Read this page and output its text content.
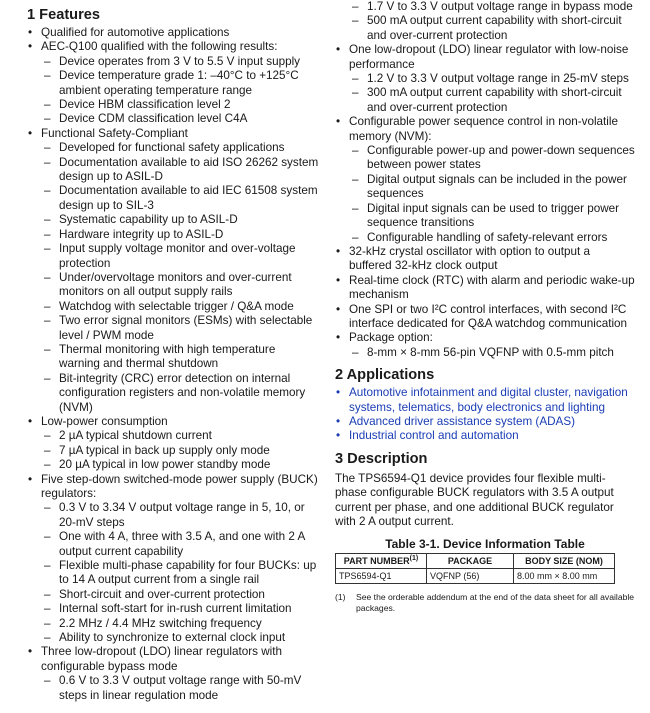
1 Features
• Qualified for automotive applications
• AEC-Q100 qualified with the following results:
– Device operates from 3 V to 5.5 V input supply
– Device temperature grade 1: –40°C to +125°C ambient operating temperature range
– Device HBM classification level 2
– Device CDM classification level C4A
• Functional Safety-Compliant
– Developed for functional safety applications
– Documentation available to aid ISO 26262 system design up to ASIL-D
– Documentation available to aid IEC 61508 system design up to SIL-3
– Systematic capability up to ASIL-D
– Hardware integrity up to ASIL-D
– Input supply voltage monitor and over-voltage protection
– Under/overvoltage monitors and over-current monitors on all output supply rails
– Watchdog with selectable trigger / Q&A mode
– Two error signal monitors (ESMs) with selectable level / PWM mode
– Thermal monitoring with high temperature warning and thermal shutdown
– Bit-integrity (CRC) error detection on internal configuration registers and non-volatile memory (NVM)
• Low-power consumption
– 2 µA typical shutdown current
– 7 µA typical in back up supply only mode
– 20 µA typical in low power standby mode
• Five step-down switched-mode power supply (BUCK) regulators:
– 0.3 V to 3.34 V output voltage range in 5, 10, or 20-mV steps
– One with 4 A, three with 3.5 A, and one with 2 A output current capability
– Flexible multi-phase capability for four BUCKs: up to 14 A output current from a single rail
– Short-circuit and over-current protection
– Internal soft-start for in-rush current limitation
– 2.2 MHz / 4.4 MHz switching frequency
– Ability to synchronize to external clock input
• Three low-dropout (LDO) linear regulators with configurable bypass mode
– 0.6 V to 3.3 V output voltage range with 50-mV steps in linear regulation mode
– 1.7 V to 3.3 V output voltage range in bypass mode
– 500 mA output current capability with short-circuit and over-current protection
• One low-dropout (LDO) linear regulator with low-noise performance
– 1.2 V to 3.3 V output voltage range in 25-mV steps
– 300 mA output current capability with short-circuit and over-current protection
• Configurable power sequence control in non-volatile memory (NVM):
– Configurable power-up and power-down sequences between power states
– Digital output signals can be included in the power sequences
– Digital input signals can be used to trigger power sequence transitions
– Configurable handling of safety-relevant errors
• 32-kHz crystal oscillator with option to output a buffered 32-kHz clock output
• Real-time clock (RTC) with alarm and periodic wake-up mechanism
• One SPI or two I²C control interfaces, with second I²C interface dedicated for Q&A watchdog communication
• Package option:
– 8-mm × 8-mm 56-pin VQFNP with 0.5-mm pitch
2 Applications
• Automotive infotainment and digital cluster, navigation systems, telematics, body electronics and lighting
• Advanced driver assistance system (ADAS)
• Industrial control and automation
3 Description

The TPS6594-Q1 device provides four flexible multi-phase configurable BUCK regulators with 3.5 A output current per phase, and one additional BUCK regulator with 2 A output current.

Table 3-1. Device Information Table
PART NUMBER$^{(1)}$	PACKAGE	BODY SIZE (NOM)
TPS6594-Q1	VQFNP (56)	8.00 mm × 8.00 mm
(1) See the orderable addendum at the end of the data sheet for all available packages.
